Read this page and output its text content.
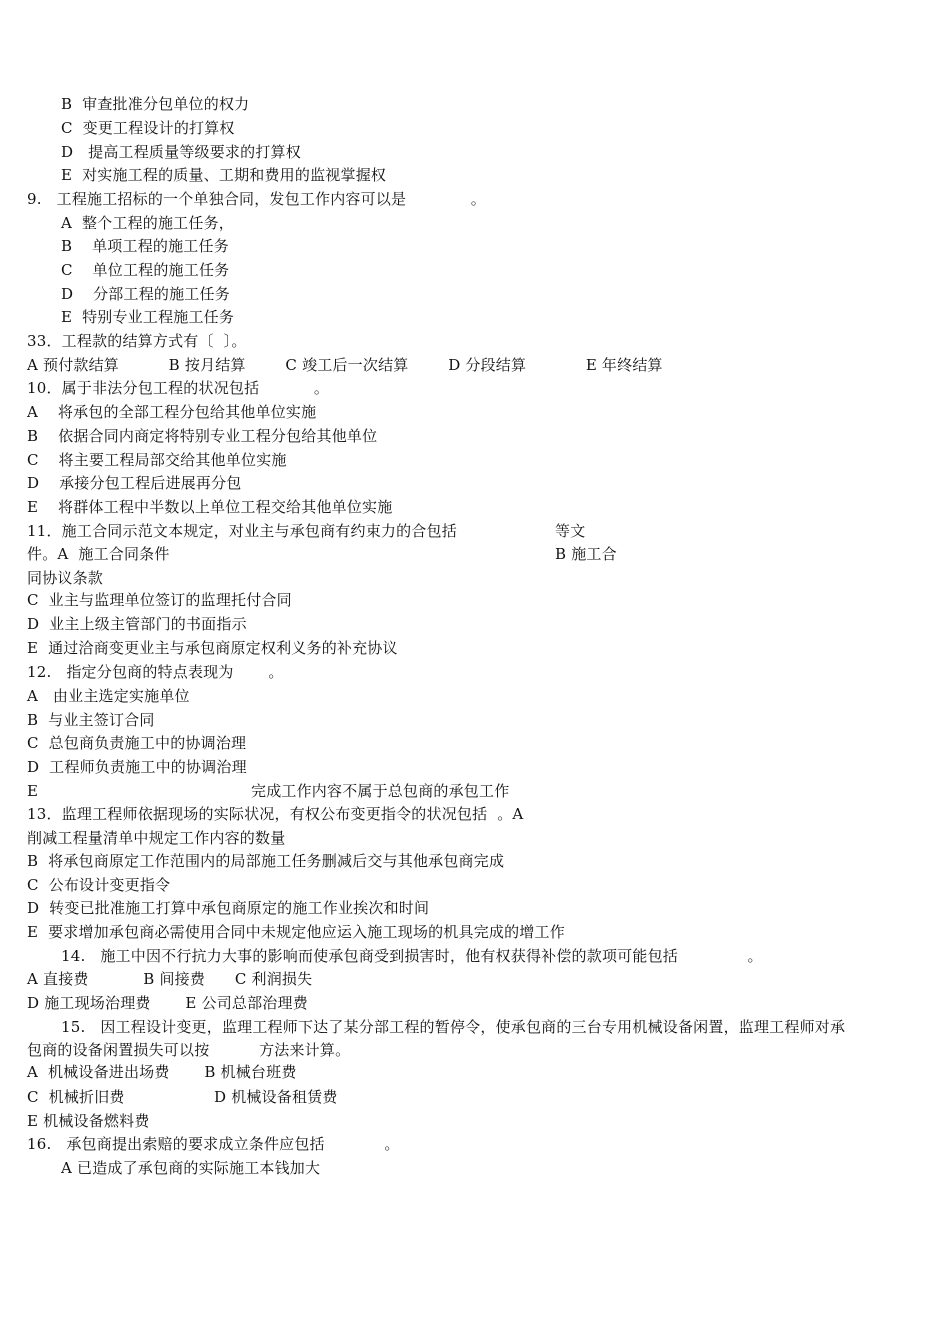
B  审查批准分包单位的权力
C  变更工程设计的打算权
D   提高工程质量等级要求的打算权
E  对实施工程的质量、工期和费用的监视掌握权
9.   工程施工招标的一个单独合同，发包工作内容可以是             。
A  整个工程的施工任务，
B    单项工程的施工任务
C    单位工程的施工任务
D    分部工程的施工任务
E  特别专业工程施工任务
33．工程款的结算方式有〔  〕。
A 预付款结算          B 按月结算        C 竣工后一次结算        D 分段结算            E 年终结算
10．属于非法分包工程的状况包括           。
A    将承包的全部工程分包给其他单位实施
B    依据合同内商定将特别专业工程分包给其他单位
C    将主要工程局部交给其他单位实施
D    承接分包工程后进展再分包
E    将群体工程中半数以上单位工程交给其他单位实施
11．施工合同示范文本规定，对业主与承包商有约束力的合包括	等文
件。A  施工合同条件	B 施工合
同协议条款
C  业主与监理单位签订的监理托付合同
D  业主上级主管部门的书面指示
E  通过洽商变更业主与承包商原定权利义务的补充协议
12.   指定分包商的特点表现为       。
A   由业主选定实施单位
B  与业主签订合同
C  总包商负责施工中的协调治理
D  工程师负责施工中的协调治理
E	完成工作内容不属于总包商的承包工作
13．监理工程师依据现场的实际状况，有权公布变更指令的状况包括  。A
削减工程量清单中规定工作内容的数量
B  将承包商原定工作范围内的局部施工任务删减后交与其他承包商完成
C  公布设计变更指令
D  转变已批准施工打算中承包商原定的施工作业挨次和时间
E  要求增加承包商必需使用合同中未规定他应运入施工现场的机具完成的增工作
14.   施工中因不行抗力大事的影响而使承包商受到损害时，他有权获得补偿的款项可能包括              。
A 直接费           B 间接费      C 利润损失
D 施工现场治理费       E 公司总部治理费
15.   因工程设计变更，监理工程师下达了某分部工程的暂停令，使承包商的三台专用机械设备闲置，监理工程师对承
包商的设备闲置损失可以按          方法来计算。
A  机械设备进出场费       B 机械台班费
C  机械折旧费                  D 机械设备租赁费
E 机械设备燃料费
16.   承包商提出索赔的要求成立条件应包括            。
A 已造成了承包商的实际施工本钱加大
